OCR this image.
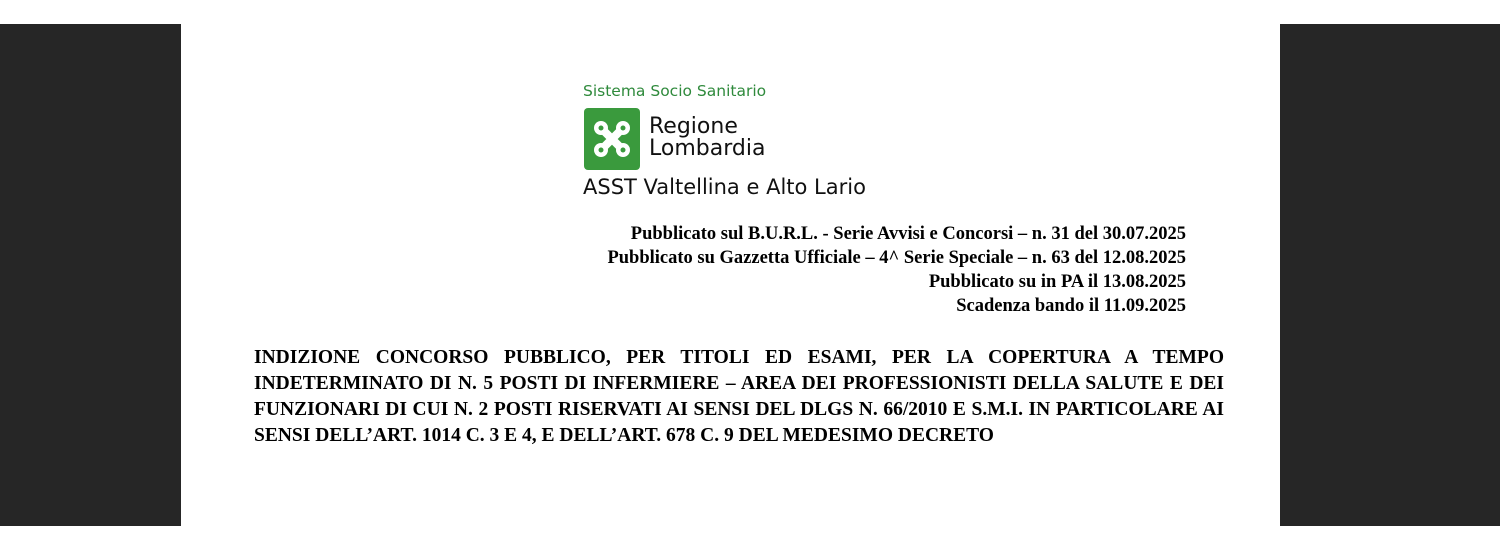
Sistema Socio Sanitario
Regione
Lombardia
ASST Valtellina e Alto Lario
Pubblicato sul B.U.R.L. - Serie Avvisi e Concorsi – n. 31 del 30.07.2025
Pubblicato su Gazzetta Ufficiale – 4^ Serie Speciale – n. 63 del 12.08.2025
Pubblicato su in PA il 13.08.2025
Scadenza bando il 11.09.2025
INDIZIONE CONCORSO PUBBLICO, PER TITOLI ED ESAMI, PER LA COPERTURA A TEMPO INDETERMINATO DI N. 5 POSTI DI INFERMIERE – AREA DEI PROFESSIONISTI DELLA SALUTE E DEI FUNZIONARI DI CUI N. 2 POSTI RISERVATI AI SENSI DEL DLGS N. 66/2010 E S.M.I. IN PARTICOLARE AI SENSI DELL’ART. 1014 C. 3 E 4, E DELL’ART. 678 C. 9 DEL MEDESIMO DECRETO
